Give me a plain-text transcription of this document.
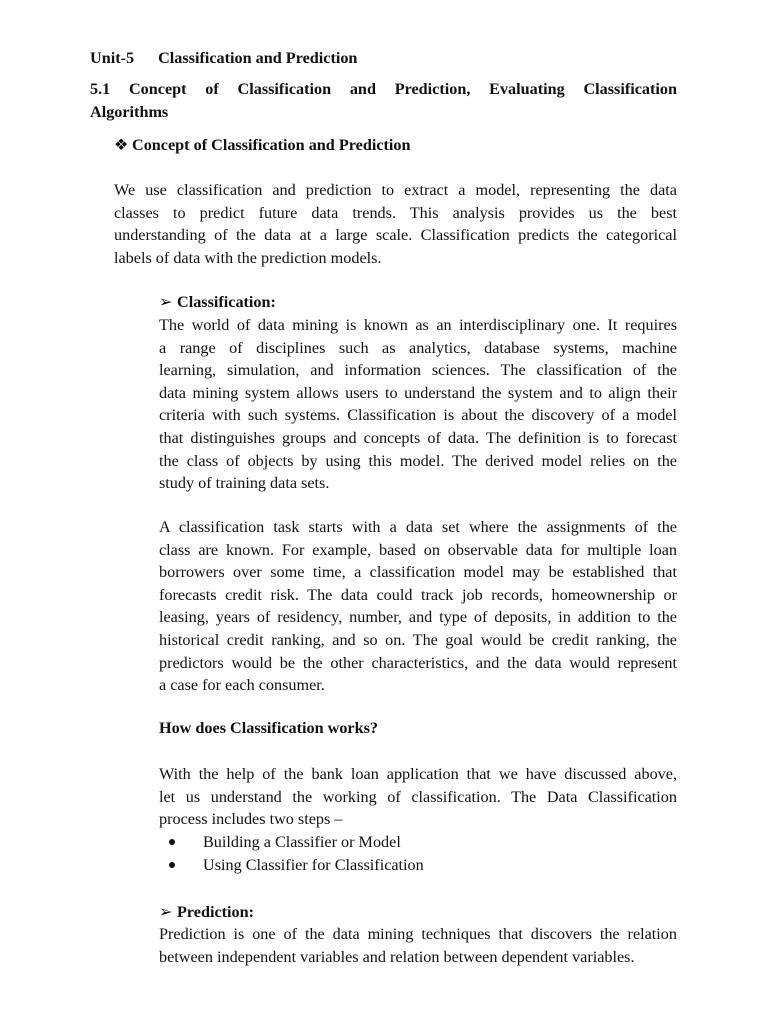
Unit-5 Classification and Prediction
5.1 Concept of Classification and Prediction, Evaluating Classification
Algorithms
❖ Concept of Classification and Prediction
We use classification and prediction to extract a model, representing the data
classes to predict future data trends. This analysis provides us the best
understanding of the data at a large scale. Classification predicts the categorical
labels of data with the prediction models.
➢ Classification:
The world of data mining is known as an interdisciplinary one. It requires
a range of disciplines such as analytics, database systems, machine
learning, simulation, and information sciences. The classification of the
data mining system allows users to understand the system and to align their
criteria with such systems. Classification is about the discovery of a model
that distinguishes groups and concepts of data. The definition is to forecast
the class of objects by using this model. The derived model relies on the
study of training data sets.
A classification task starts with a data set where the assignments of the
class are known. For example, based on observable data for multiple loan
borrowers over some time, a classification model may be established that
forecasts credit risk. The data could track job records, homeownership or
leasing, years of residency, number, and type of deposits, in addition to the
historical credit ranking, and so on. The goal would be credit ranking, the
predictors would be the other characteristics, and the data would represent
a case for each consumer.
How does Classification works?
With the help of the bank loan application that we have discussed above,
let us understand the working of classification. The Data Classification
process includes two steps –
Building a Classifier or Model
Using Classifier for Classification
➢ Prediction:
Prediction is one of the data mining techniques that discovers the relation
between independent variables and relation between dependent variables.
